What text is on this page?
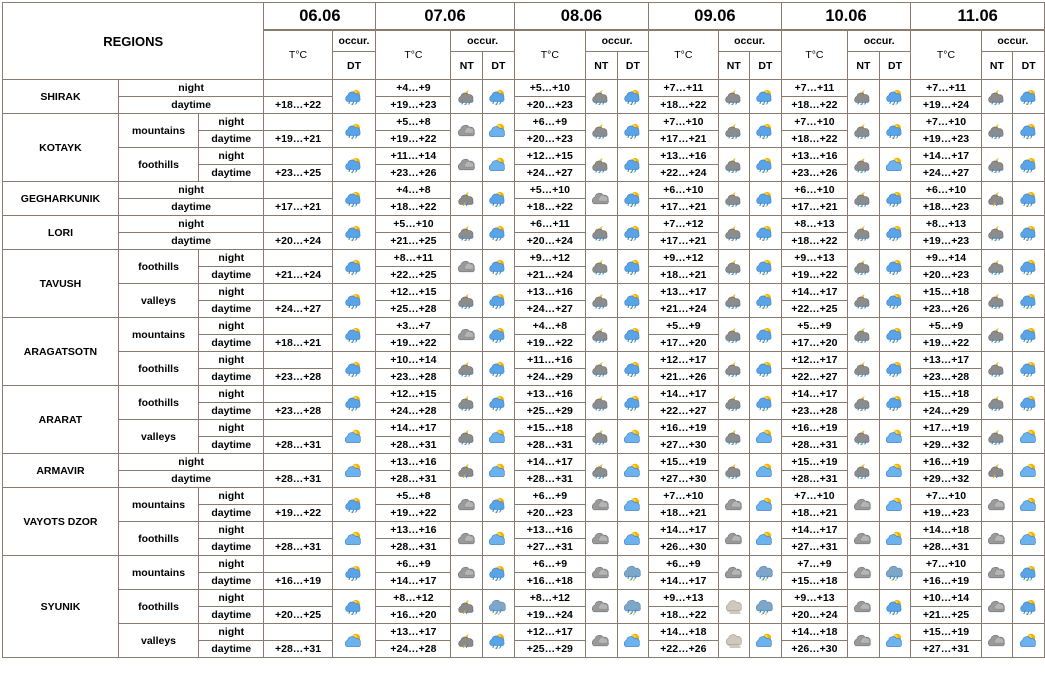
REGIONS			06.06		07.06			08.06			09.06			10.06			11.06		
			T°C	occur.	T°C	occur.		T°C	occur.		T°C	occur.		T°C	occur.		T°C	occur.	
				DT		NT	DT		NT	DT		NT	DT		NT	DT		NT	DT
SHIRAK	night				+4…+9			+5…+10			+7…+11			+7…+11			+7…+11		
	daytime		+18…+22		+19…+23			+20…+23			+18…+22			+18…+22			+19…+24		
KOTAYK	mountains	night			+5…+8			+6…+9			+7…+10			+7…+10			+7…+10		
		daytime	+19…+21		+19…+22			+20…+23			+17…+21			+18…+22			+19…+23		
	foothills	night			+11…+14			+12…+15			+13…+16			+13…+16			+14…+17		
		daytime	+23…+25		+23…+26			+24…+27			+22…+24			+23…+26			+24…+27		
GEGHARKUNIK	night				+4…+8			+5…+10			+6…+10			+6…+10			+6…+10		
	daytime		+17…+21		+18…+22			+18…+22			+17…+21			+17…+21			+18…+23		
LORI	night				+5…+10			+6…+11			+7…+12			+8…+13			+8…+13		
	daytime		+20…+24		+21…+25			+20…+24			+17…+21			+18…+22			+19…+23		
TAVUSH	foothills	night			+8…+11			+9…+12			+9…+12			+9…+13			+9…+14		
		daytime	+21…+24		+22…+25			+21…+24			+18…+21			+19…+22			+20…+23		
	valleys	night			+12…+15			+13…+16			+13…+17			+14…+17			+15…+18		
		daytime	+24…+27		+25…+28			+24…+27			+21…+24			+22…+25			+23…+26		
ARAGATSOTN	mountains	night			+3…+7			+4…+8			+5…+9			+5…+9			+5…+9		
		daytime	+18…+21		+19…+22			+19…+22			+17…+20			+17…+20			+19…+22		
	foothills	night			+10…+14			+11…+16			+12…+17			+12…+17			+13…+17		
		daytime	+23…+28		+23…+28			+24…+29			+21…+26			+22…+27			+23…+28		
ARARAT	foothills	night			+12…+15			+13…+16			+14…+17			+14…+17			+15…+18		
		daytime	+23…+28		+24…+28			+25…+29			+22…+27			+23…+28			+24…+29		
	valleys	night			+14…+17			+15…+18			+16…+19			+16…+19			+17…+19		
		daytime	+28…+31		+28…+31			+28…+31			+27…+30			+28…+31			+29…+32		
ARMAVIR	night				+13…+16			+14…+17			+15…+19			+15…+19			+16…+19		
	daytime		+28…+31		+28…+31			+28…+31			+27…+30			+28…+31			+29…+32		
VAYOTS DZOR	mountains	night			+5…+8			+6…+9			+7…+10			+7…+10			+7…+10		
		daytime	+19…+22		+19…+22			+20…+23			+18…+21			+18…+21			+19…+23		
	foothills	night			+13…+16			+13…+16			+14…+17			+14…+17			+14…+18		
		daytime	+28…+31		+28…+31			+27…+31			+26…+30			+27…+31			+28…+31		
SYUNIK	mountains	night			+6…+9			+6…+9			+6…+9			+7…+9			+7…+10		
		daytime	+16…+19		+14…+17			+16…+18			+14…+17			+15…+18			+16…+19		
	foothills	night			+8…+12			+8…+12			+9…+13			+9…+13			+10…+14		
		daytime	+20…+25		+16…+20			+19…+24			+18…+22			+20…+24			+21…+25		
	valleys	night			+13…+17			+12…+17			+14…+18			+14…+18			+15…+19		
		daytime	+28…+31		+24…+28			+25…+29			+22…+26			+26…+30			+27…+31		
